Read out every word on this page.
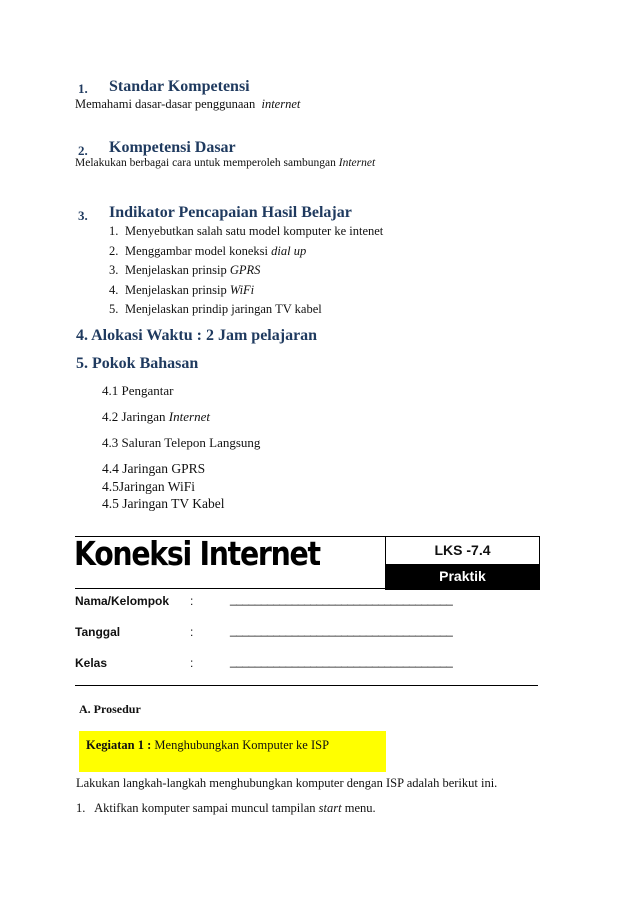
1. Standar Kompetensi
Memahami dasar-dasar penggunaan internet
2. Kompetensi Dasar
Melakukan berbagai cara untuk memperoleh sambungan Internet
3. Indikator Pencapaian Hasil Belajar
1. Menyebutkan salah satu model komputer ke intenet
2. Menggambar model koneksi dial up
3. Menjelaskan prinsip GPRS
4. Menjelaskan prinsip WiFi
5. Menjelaskan prindip jaringan TV kabel
4. Alokasi Waktu : 2 Jam pelajaran
5. Pokok Bahasan
4.1 Pengantar
4.2 Jaringan Internet
4.3 Saluran Telepon Langsung
4.4 Jaringan GPRS
4.5Jaringan WiFi
4.5 Jaringan TV Kabel
Koneksi Internet	LKS -7.4
Praktik
Nama/Kelompok :	____________________________________
Tanggal	:	____________________________________
Kelas	:	____________________________________
A. Prosedur
Kegiatan 1 : Menghubungkan Komputer ke ISP
Lakukan langkah-langkah menghubungkan komputer dengan ISP adalah berikut ini.
1. Aktifkan komputer sampai muncul tampilan start menu.
